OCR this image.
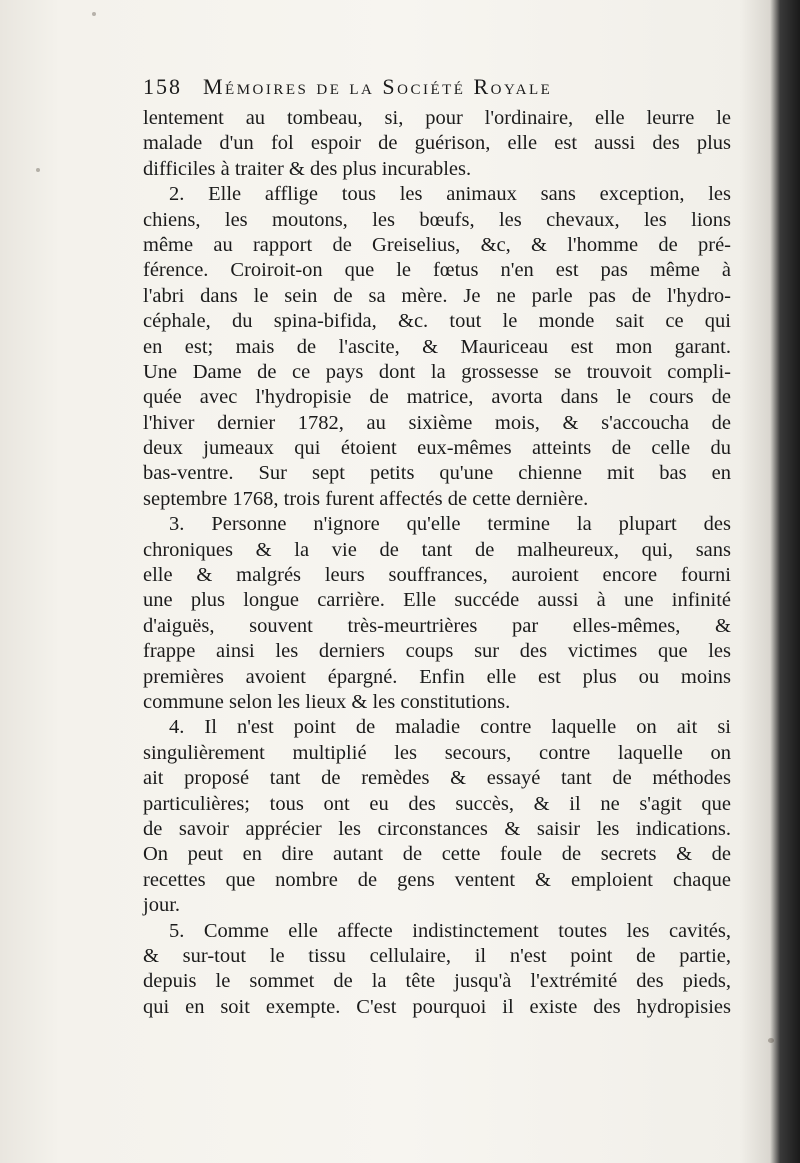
158 Mémoires de la Société Royale
lentement au tombeau, si, pour l'ordinaire, elle leurre le
malade d'un fol espoir de guérison, elle est aussi des plus
difficiles à traiter & des plus incurables.
2. Elle afflige tous les animaux sans exception, les
chiens, les moutons, les bœufs, les chevaux, les lions
même au rapport de Greiselius, &c, & l'homme de pré-
férence. Croiroit-on que le fœtus n'en est pas même à
l'abri dans le sein de sa mère. Je ne parle pas de l'hydro-
céphale, du spina-bifida, &c. tout le monde sait ce qui
en est; mais de l'ascite, & Mauriceau est mon garant.
Une Dame de ce pays dont la grossesse se trouvoit compli-
quée avec l'hydropisie de matrice, avorta dans le cours de
l'hiver dernier 1782, au sixième mois, & s'accoucha de
deux jumeaux qui étoient eux-mêmes atteints de celle du
bas-ventre. Sur sept petits qu'une chienne mit bas en
septembre 1768, trois furent affectés de cette dernière.
3. Personne n'ignore qu'elle termine la plupart des
chroniques & la vie de tant de malheureux, qui, sans
elle & malgrés leurs souffrances, auroient encore fourni
une plus longue carrière. Elle succéde aussi à une infinité
d'aiguës, souvent très-meurtrières par elles-mêmes, &
frappe ainsi les derniers coups sur des victimes que les
premières avoient épargné. Enfin elle est plus ou moins
commune selon les lieux & les constitutions.
4. Il n'est point de maladie contre laquelle on ait si
singulièrement multiplié les secours, contre laquelle on
ait proposé tant de remèdes & essayé tant de méthodes
particulières; tous ont eu des succès, & il ne s'agit que
de savoir apprécier les circonstances & saisir les indications.
On peut en dire autant de cette foule de secrets & de
recettes que nombre de gens ventent & emploient chaque
jour.
5. Comme elle affecte indistinctement toutes les cavités,
& sur-tout le tissu cellulaire, il n'est point de partie,
depuis le sommet de la tête jusqu'à l'extrémité des pieds,
qui en soit exempte. C'est pourquoi il existe des hydropisies
